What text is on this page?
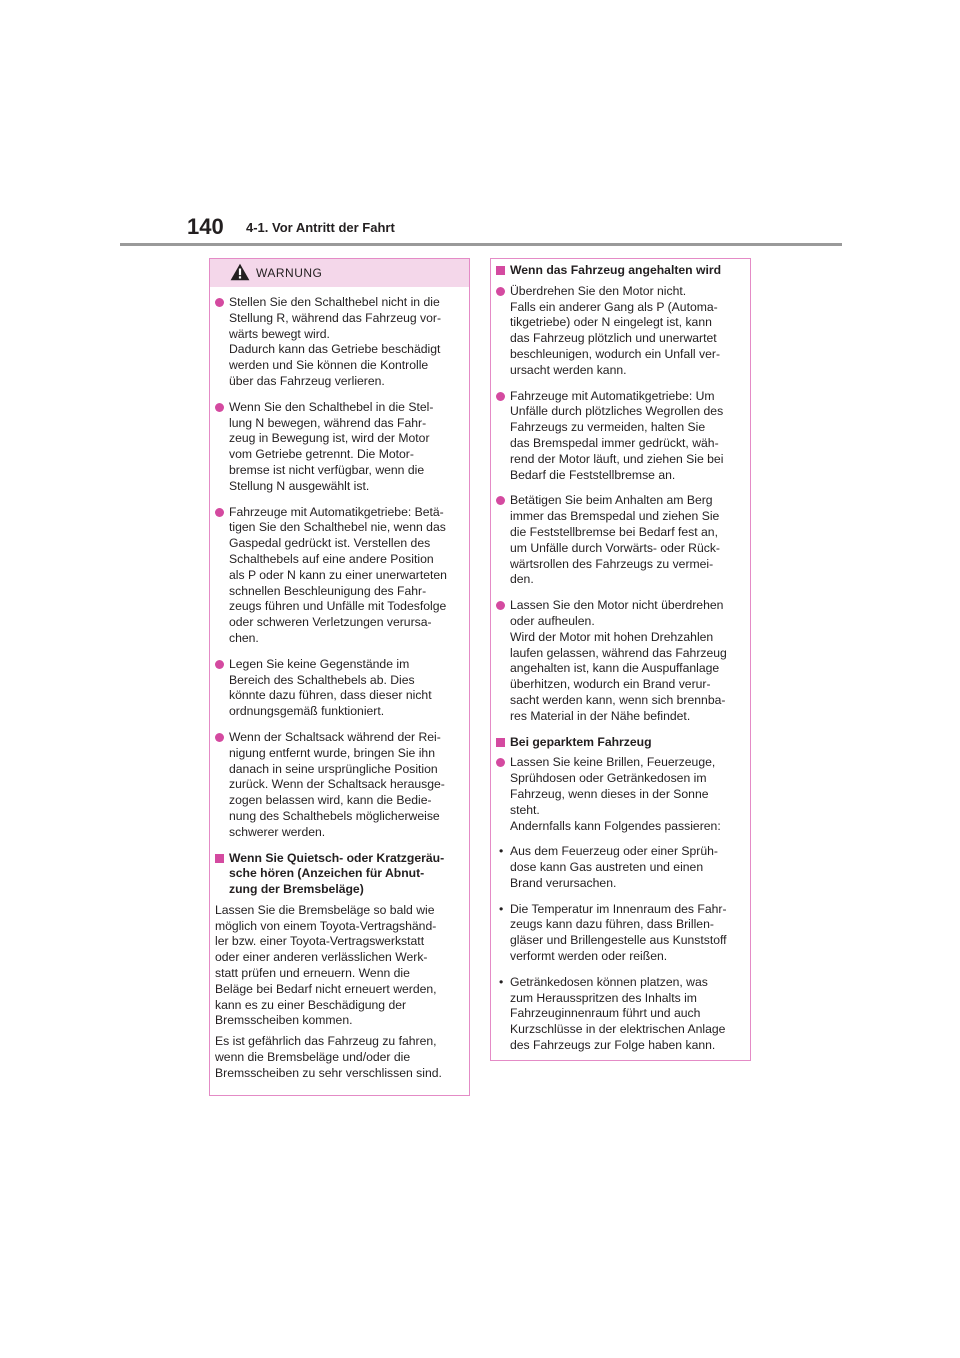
140 4-1. Vor Antritt der Fahrt
WARNUNG
Stellen Sie den Schalthebel nicht in die
Stellung R, während das Fahrzeug vor-
wärts bewegt wird.
Dadurch kann das Getriebe beschädigt
werden und Sie können die Kontrolle
über das Fahrzeug verlieren.
Wenn Sie den Schalthebel in die Stel-
lung N bewegen, während das Fahr-
zeug in Bewegung ist, wird der Motor
vom Getriebe getrennt. Die Motor-
bremse ist nicht verfügbar, wenn die
Stellung N ausgewählt ist.
Fahrzeuge mit Automatikgetriebe: Betä-
tigen Sie den Schalthebel nie, wenn das
Gaspedal gedrückt ist. Verstellen des
Schalthebels auf eine andere Position
als P oder N kann zu einer unerwarteten
schnellen Beschleunigung des Fahr-
zeugs führen und Unfälle mit Todesfolge
oder schweren Verletzungen verursa-
chen.
Legen Sie keine Gegenstände im
Bereich des Schalthebels ab. Dies
könnte dazu führen, dass dieser nicht
ordnungsgemäß funktioniert.
Wenn der Schaltsack während der Rei-
nigung entfernt wurde, bringen Sie ihn
danach in seine ursprüngliche Position
zurück. Wenn der Schaltsack herausge-
zogen belassen wird, kann die Bedie-
nung des Schalthebels möglicherweise
schwerer werden.
Wenn Sie Quietsch- oder Kratzgeräu-
sche hören (Anzeichen für Abnut-
zung der Bremsbeläge)
Lassen Sie die Bremsbeläge so bald wie
möglich von einem Toyota-Vertragshänd-
ler bzw. einer Toyota-Vertragswerkstatt
oder einer anderen verlässlichen Werk-
statt prüfen und erneuern. Wenn die
Beläge bei Bedarf nicht erneuert werden,
kann es zu einer Beschädigung der
Bremsscheiben kommen.
Es ist gefährlich das Fahrzeug zu fahren,
wenn die Bremsbeläge und/oder die
Bremsscheiben zu sehr verschlissen sind.
Wenn das Fahrzeug angehalten wird
Überdrehen Sie den Motor nicht.
Falls ein anderer Gang als P (Automa-
tikgetriebe) oder N eingelegt ist, kann
das Fahrzeug plötzlich und unerwartet
beschleunigen, wodurch ein Unfall ver-
ursacht werden kann.
Fahrzeuge mit Automatikgetriebe: Um
Unfälle durch plötzliches Wegrollen des
Fahrzeugs zu vermeiden, halten Sie
das Bremspedal immer gedrückt, wäh-
rend der Motor läuft, und ziehen Sie bei
Bedarf die Feststellbremse an.
Betätigen Sie beim Anhalten am Berg
immer das Bremspedal und ziehen Sie
die Feststellbremse bei Bedarf fest an,
um Unfälle durch Vorwärts- oder Rück-
wärtsrollen des Fahrzeugs zu vermei-
den.
Lassen Sie den Motor nicht überdrehen
oder aufheulen.
Wird der Motor mit hohen Drehzahlen
laufen gelassen, während das Fahrzeug
angehalten ist, kann die Auspuffanlage
überhitzen, wodurch ein Brand verur-
sacht werden kann, wenn sich brennba-
res Material in der Nähe befindet.
Bei geparktem Fahrzeug
Lassen Sie keine Brillen, Feuerzeuge,
Sprühdosen oder Getränkedosen im
Fahrzeug, wenn dieses in der Sonne
steht.
Andernfalls kann Folgendes passieren:
• Aus dem Feuerzeug oder einer Sprüh-
dose kann Gas austreten und einen
Brand verursachen.
• Die Temperatur im Innenraum des Fahr-
zeugs kann dazu führen, dass Brillen-
gläser und Brillengestelle aus Kunststoff
verformt werden oder reißen.
• Getränkedosen können platzen, was
zum Herausspritzen des Inhalts im
Fahrzeuginnenraum führt und auch
Kurzschlüsse in der elektrischen Anlage
des Fahrzeugs zur Folge haben kann.
